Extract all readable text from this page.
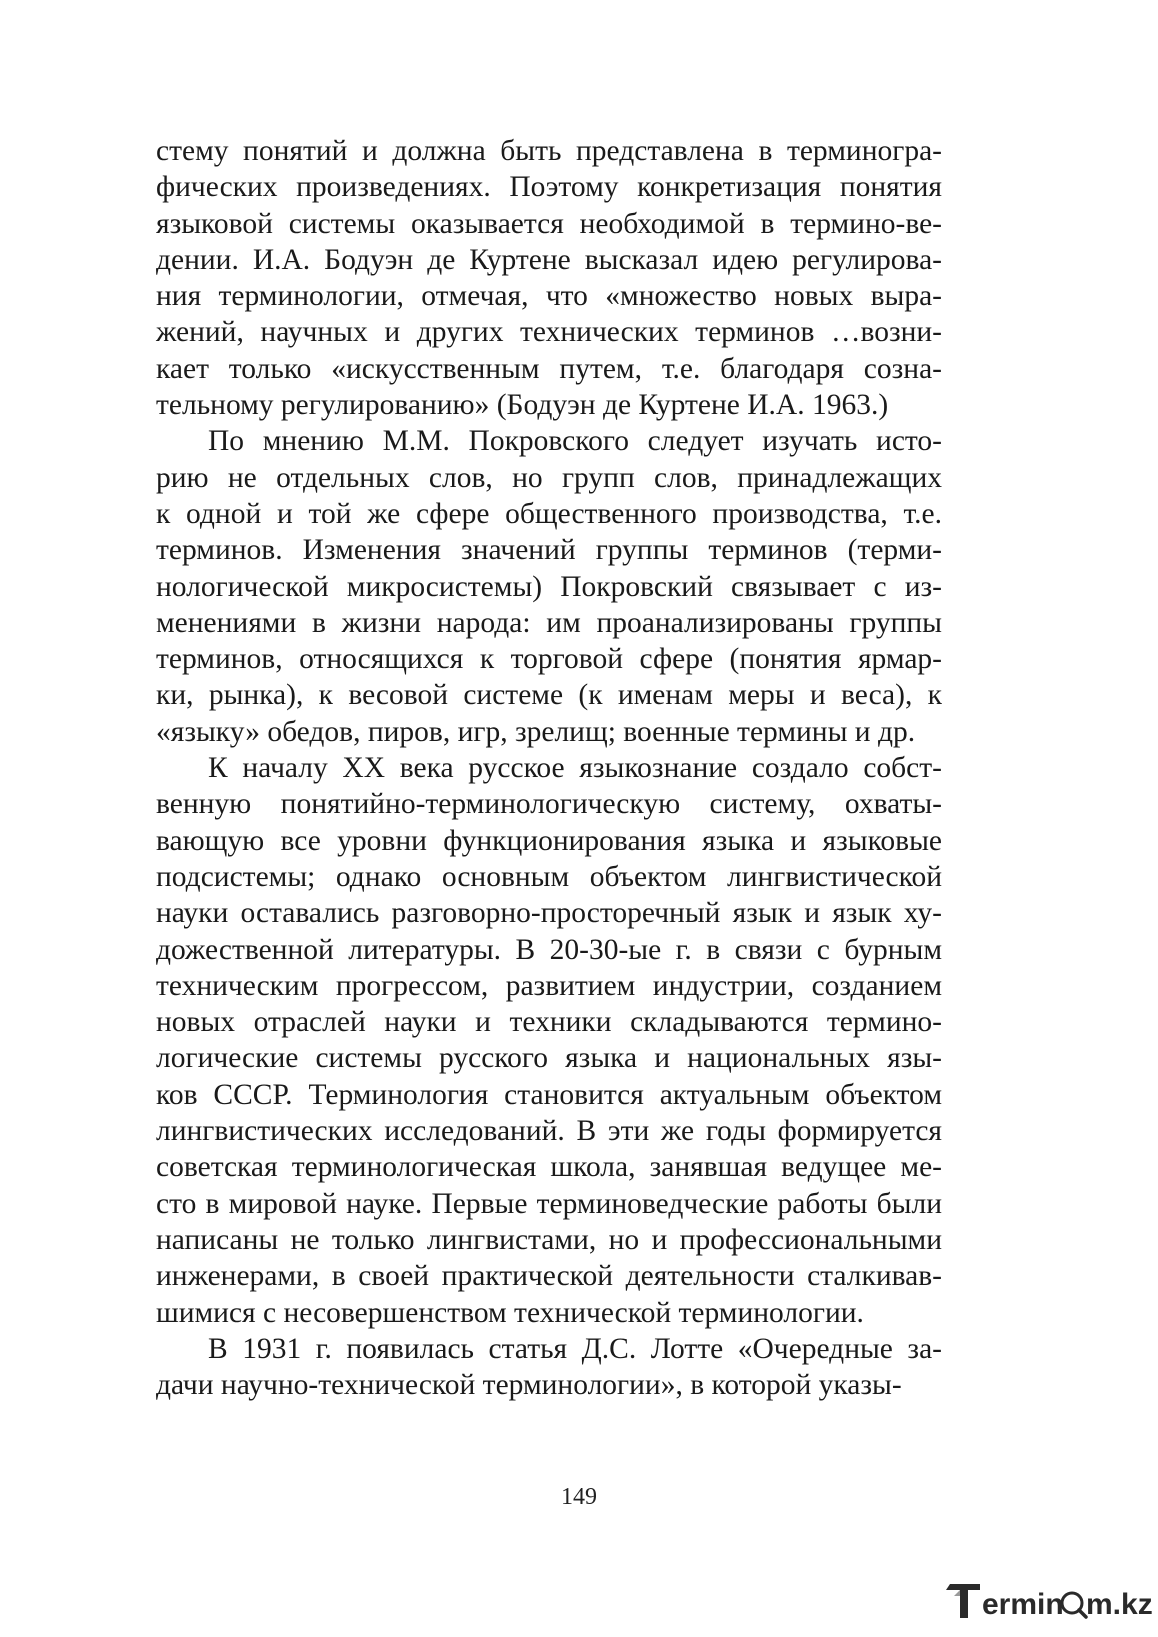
стему понятий и должна быть представлена в терминогра-
фических произведениях. Поэтому конкретизация понятия
языковой системы оказывается необходимой в термино-ве-
дении. И.А. Бодуэн де Куртене высказал идею регулирова-
ния терминологии, отмечая, что «множество новых выра-
жений, научных и других технических терминов …возни-
кает только «искусственным путем, т.е. благодаря созна-
тельному регулированию» (Бодуэн де Куртене И.А. 1963.)
По мнению М.М. Покровского следует изучать исто-
рию не отдельных слов, но групп слов, принадлежащих
к одной и той же сфере общественного производства, т.е.
терминов. Изменения значений группы терминов (терми-
нологической микросистемы) Покровский связывает с из-
менениями в жизни народа: им проанализированы группы
терминов, относящихся к торговой сфере (понятия ярмар-
ки, рынка), к весовой системе (к именам меры и веса), к
«языку» обедов, пиров, игр, зрелищ; военные термины и др.
К началу XX века русское языкознание создало собст-
венную понятийно-терминологическую систему, охваты-
вающую все уровни функционирования языка и языковые
подсистемы; однако основным объектом лингвистической
науки оставались разговорно-просторечный язык и язык ху-
дожественной литературы. В 20-30-ые г. в связи с бурным
техническим прогрессом, развитием индустрии, созданием
новых отраслей науки и техники складываются термино-
логические системы русского языка и национальных язы-
ков СССР. Терминология становится актуальным объектом
лингвистических исследований. В эти же годы формируется
советская терминологическая школа, занявшая ведущее ме-
сто в мировой науке. Первые терминоведческие работы были
написаны не только лингвистами, но и профессиональными
инженерами, в своей практической деятельности сталкивав-
шимися с несовершенством технической терминологии.
В 1931 г. появилась статья Д.С. Лотте «Очередные за-
дачи научно-технической терминологии», в которой указы-
149
ermin m.kz
